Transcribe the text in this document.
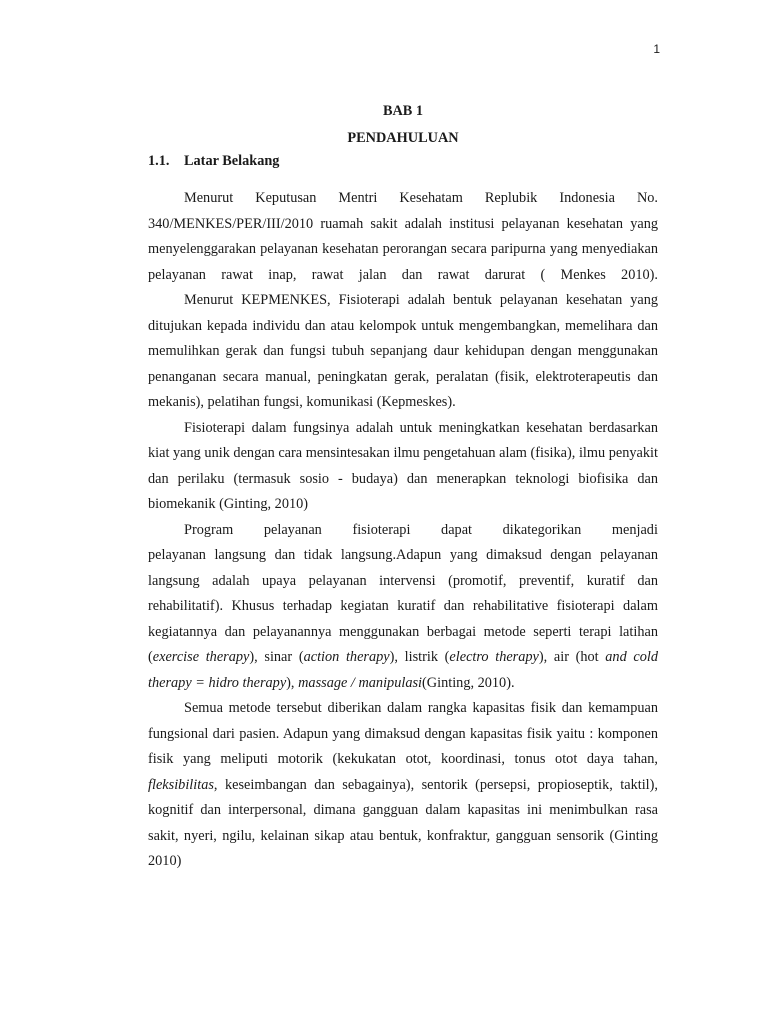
1
BAB 1
PENDAHULUAN
1.1. Latar Belakang

Menurut Keputusan Mentri Kesehatam Replubik Indonesia No. 340/MENKES/PER/III/2010 ruamah sakit adalah institusi pelayanan kesehatan yang menyelenggarakan pelayanan kesehatan perorangan secara paripurna yang menyediakan pelayanan rawat inap, rawat jalan dan rawat darurat ( Menkes 2010).

Menurut KEPMENKES, Fisioterapi adalah bentuk pelayanan kesehatan yang ditujukan kepada individu dan atau kelompok untuk mengembangkan, memelihara dan memulihkan gerak dan fungsi tubuh sepanjang daur kehidupan dengan menggunakan penanganan secara manual, peningkatan gerak, peralatan (fisik, elektroterapeutis dan mekanis), pelatihan fungsi, komunikasi (Kepmeskes).

Fisioterapi dalam fungsinya adalah untuk meningkatkan kesehatan berdasarkan kiat yang unik dengan cara mensintesakan ilmu pengetahuan alam (fisika), ilmu penyakit dan perilaku (termasuk sosio - budaya) dan menerapkan teknologi biofisika dan biomekanik (Ginting, 2010)

Program pelayanan fisioterapi dapat dikategorikan menjadi
pelayanan langsung dan tidak langsung.Adapun yang dimaksud dengan pelayanan langsung adalah upaya pelayanan intervensi (promotif, preventif, kuratif dan rehabilitatif). Khusus terhadap kegiatan kuratif dan rehabilitative fisioterapi dalam kegiatannya dan pelayanannya menggunakan berbagai metode seperti terapi latihan (exercise therapy), sinar (action therapy), listrik (electro therapy), air (hot and cold therapy = hidro therapy), massage / manipulasi(Ginting, 2010).

Semua metode tersebut diberikan dalam rangka kapasitas fisik dan kemampuan fungsional dari pasien. Adapun yang dimaksud dengan kapasitas fisik yaitu : komponen fisik yang meliputi motorik (kekukatan otot, koordinasi, tonus otot daya tahan, fleksibilitas, keseimbangan dan sebagainya), sentorik (persepsi, propioseptik, taktil), kognitif dan interpersonal, dimana gangguan dalam kapasitas ini menimbulkan rasa sakit, nyeri, ngilu, kelainan sikap atau bentuk, konfraktur, gangguan sensorik (Ginting 2010)
